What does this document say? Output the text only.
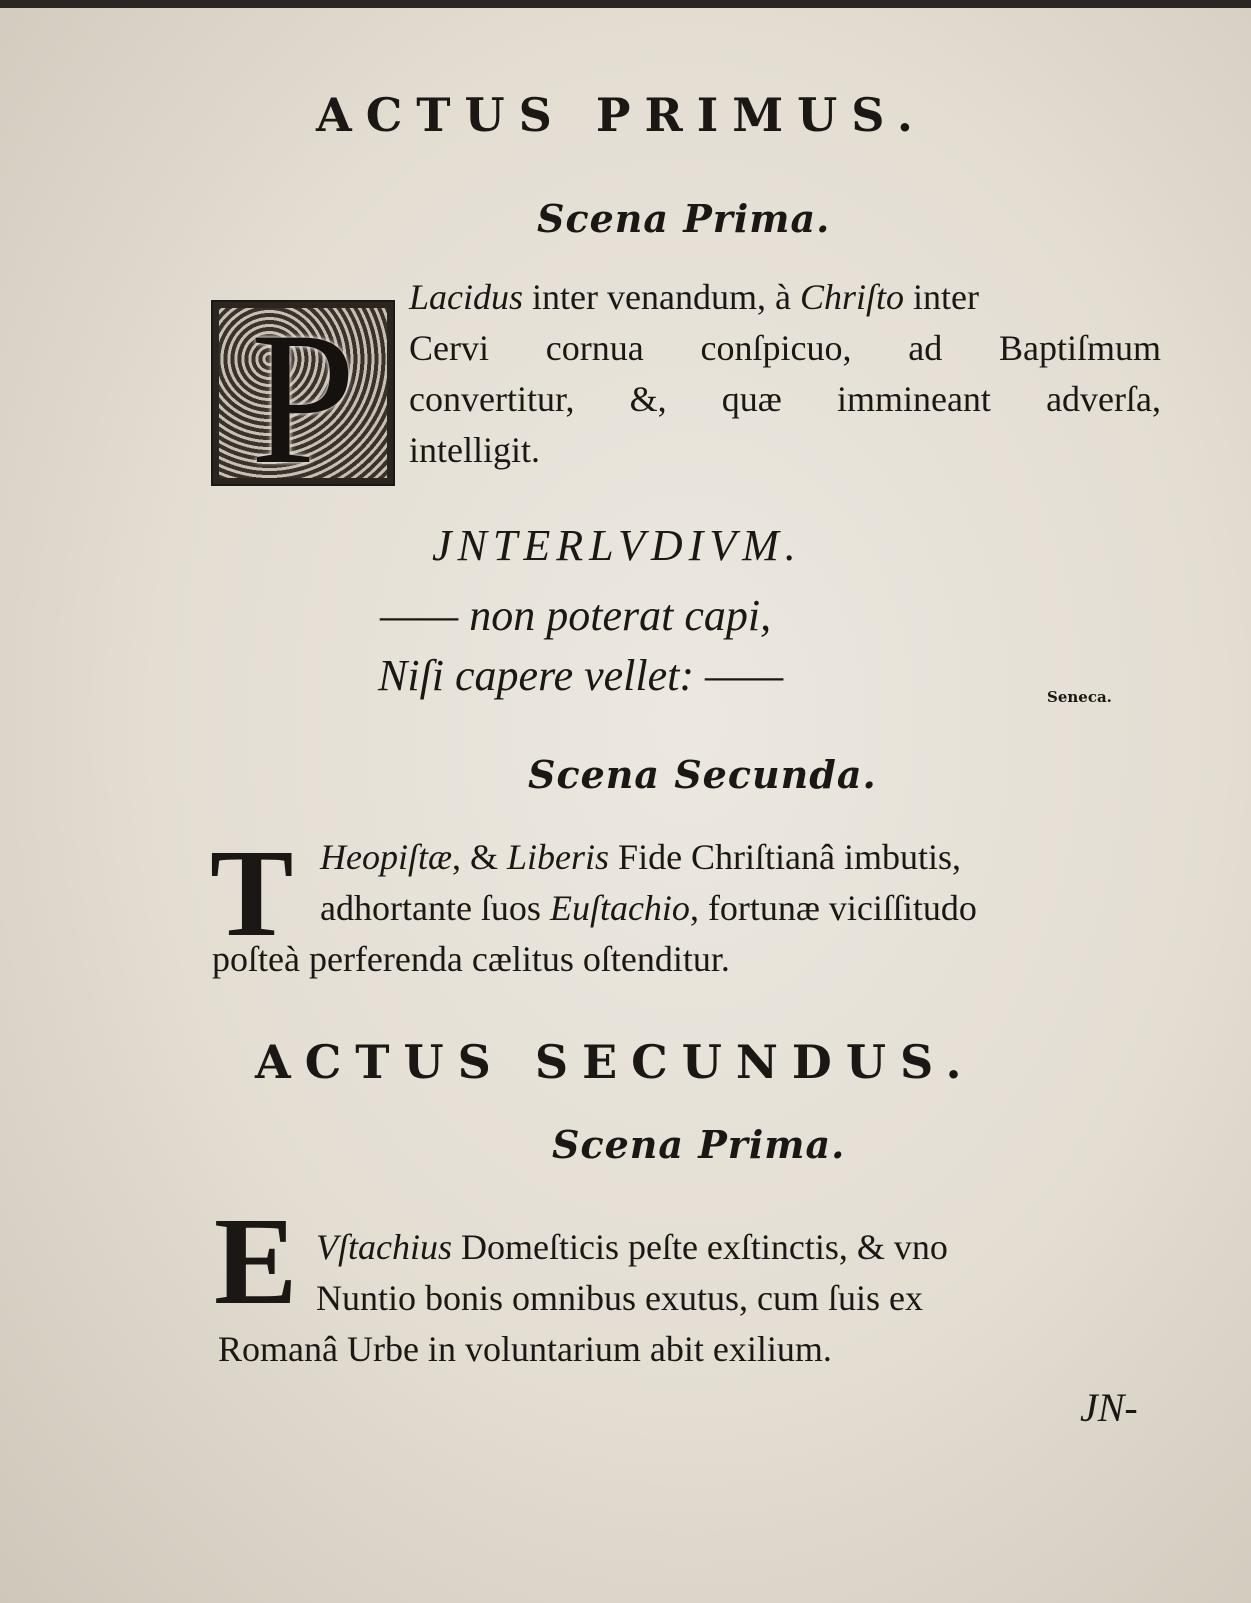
ACTUS PRIMUS.
Scena Prima.
P	Lacidus inter venandum, à Chriſto inter
Cervi cornua conſpicuo, ad Baptiſmum
convertitur, &, quæ immineant adverſa,
intelligit.
JNTERLVDIVM.
—— non poterat capi,
Niſi capere vellet: ——	Seneca.
Scena Secunda.
T Heopiſtæ, & Liberis Fide Chriſtianâ imbutis,
adhortante ſuos Euſtachio, fortunæ viciſſitudo
poſteà perferenda cælitus oſtenditur.
ACTUS SECUNDUS.
Scena Prima.
E Vſtachius Domeſticis peſte exſtinctis, & vno
Nuntio bonis omnibus exutus, cum ſuis ex
Romanâ Urbe in voluntarium abit exilium.
JN-
